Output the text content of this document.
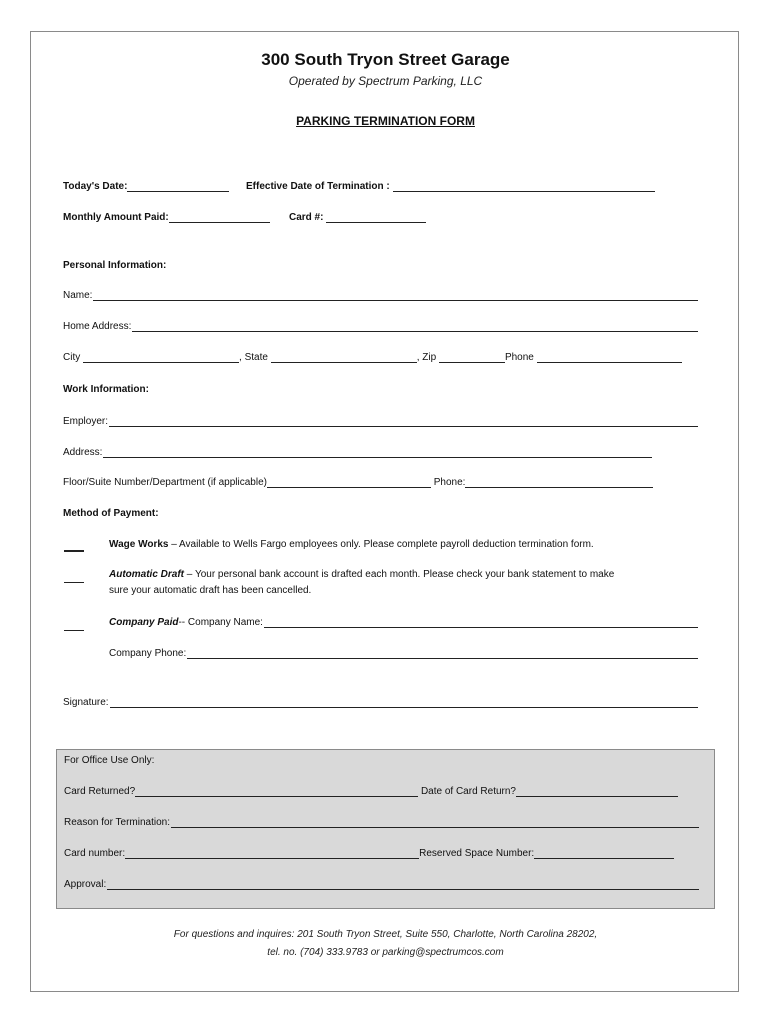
300 South Tryon Street Garage
Operated by Spectrum Parking, LLC
PARKING TERMINATION FORM
Today's Date:	Effective Date of Termination :
Monthly Amount Paid:	Card #:
Personal Information:
Name:
Home Address:
City	, State	, Zip	Phone
Work Information:
Employer:
Address:
Floor/Suite Number/Department (if applicable)	Phone:
Method of Payment:
Wage Works – Available to Wells Fargo employees only. Please complete payroll deduction termination form.
Automatic Draft – Your personal bank account is drafted each month. Please check your bank statement to make
sure your automatic draft has been cancelled.
Company Paid -- Company Name:
Company Phone:
Signature:
For Office Use Only:
Card Returned?	Date of Card Return?
Reason for Termination:
Card number:	Reserved Space Number:
Approval:
For questions and inquires: 201 South Tryon Street, Suite 550, Charlotte, North Carolina 28202,
tel. no. (704) 333.9783 or parking@spectrumcos.com
